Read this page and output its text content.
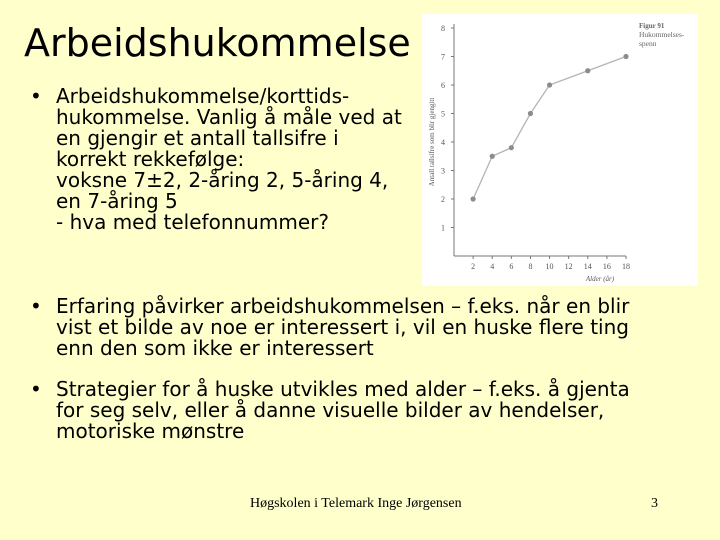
Arbeidshukommelse
• Arbeidshukommelse/korttids-
hukommelse. Vanlig å måle ved at
en gjengir et antall tallsifre i
korrekt rekkefølge:
voksne 7±2, 2-åring 2, 5-åring 4,
en 7-åring 5
- hva med telefonnummer?	1
2
3
4
5
6
7
8
2 4 6 8 10 12 14 16 18
Alder (år)
Antall tallsifre som blir gjengitt
Figur 91
Hukommelses-
spenn
• Erfaring påvirker arbeidshukommelsen – f.eks. når en blir
vist et bilde av noe er interessert i, vil en huske flere ting
enn den som ikke er interessert
• Strategier for å huske utvikles med alder – f.eks. å gjenta
for seg selv, eller å danne visuelle bilder av hendelser,
motoriske mønstre
Høgskolen i Telemark Inge Jørgensen	3
